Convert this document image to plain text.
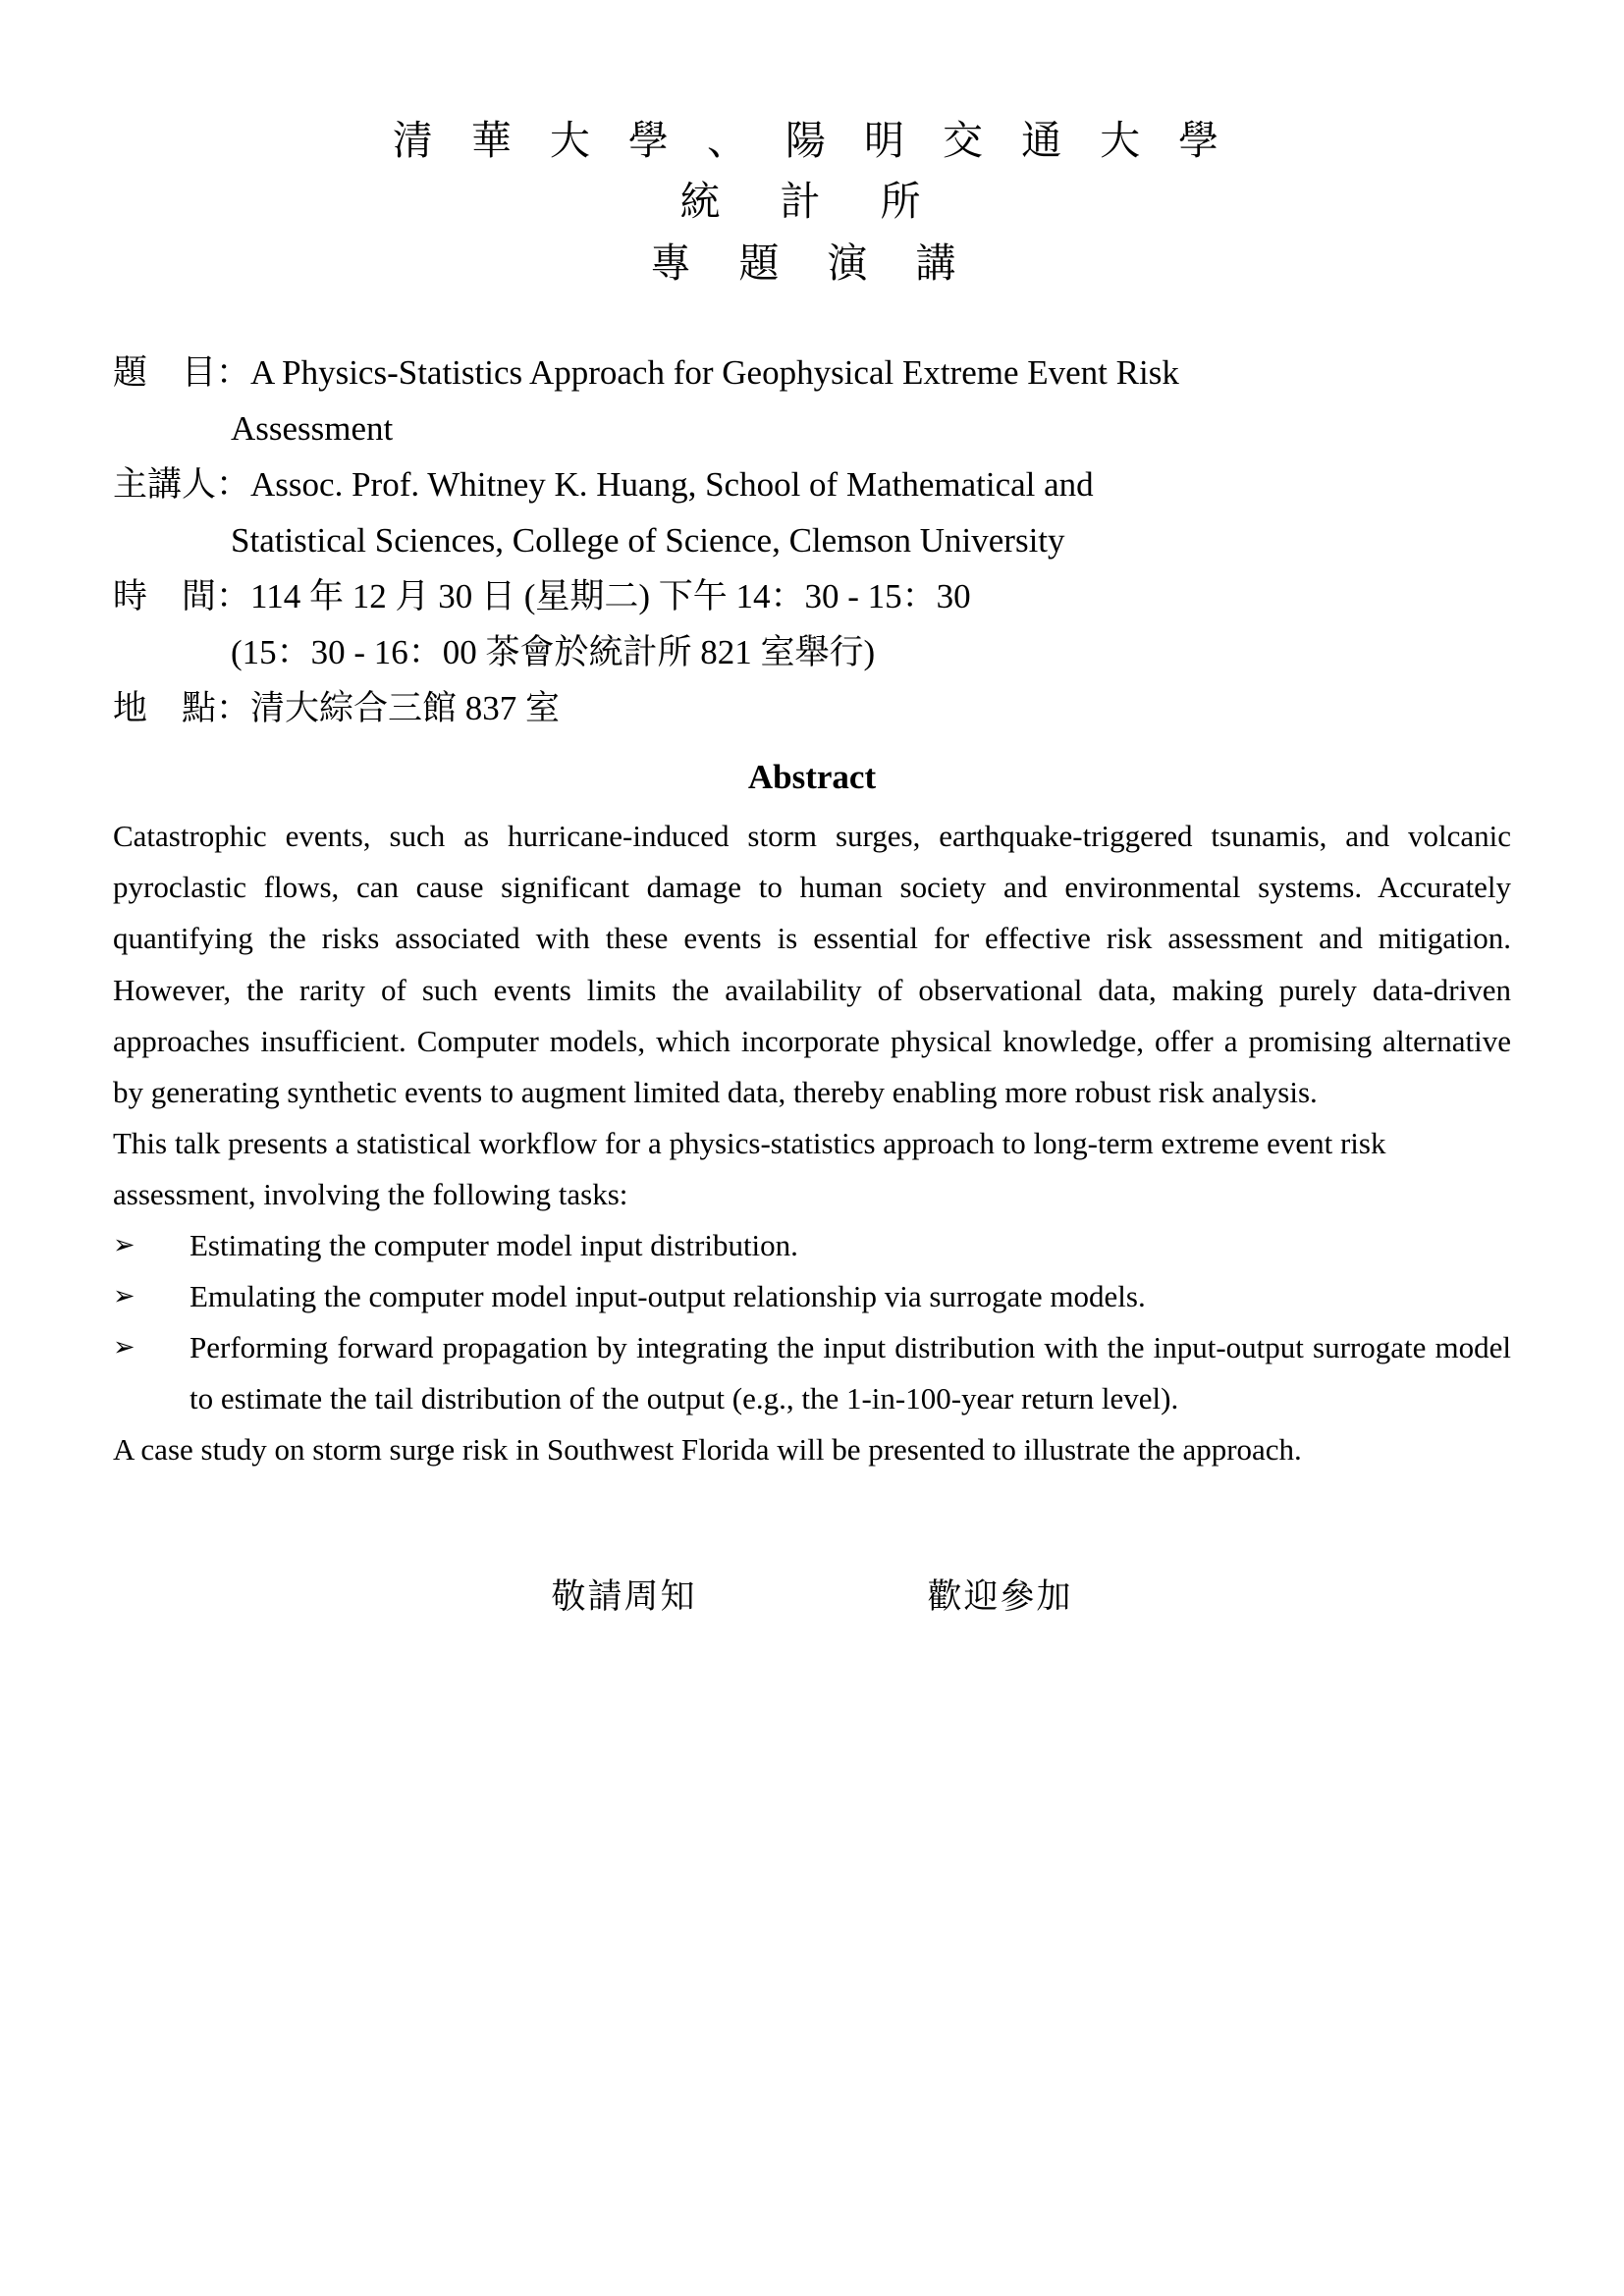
清 華 大 學 、 陽 明 交 通 大 學
統 計 所
專 題 演 講
題　目：A Physics-Statistics Approach for Geophysical Extreme Event Risk
Assessment
主講人：Assoc. Prof. Whitney K. Huang, School of Mathematical and
Statistical Sciences, College of Science, Clemson University
時　間：114 年 12 月 30 日 (星期二) 下午 14：30 - 15：30
(15：30 - 16：00 茶會於統計所 821 室舉行)
地　點：清大綜合三館 837 室
Abstract

Catastrophic events, such as hurricane-induced storm surges, earthquake-triggered tsunamis, and volcanic pyroclastic flows, can cause significant damage to human society and environmental systems. Accurately quantifying the risks associated with these events is essential for effective risk assessment and mitigation. However, the rarity of such events limits the availability of observational data, making purely data-driven approaches insufficient. Computer models, which incorporate physical knowledge, offer a promising alternative by generating synthetic events to augment limited data, thereby enabling more robust risk analysis.

This talk presents a statistical workflow for a physics-statistics approach to long-term extreme event risk assessment, involving the following tasks:

➢ Estimating the computer model input distribution.
➢ Emulating the computer model input-output relationship via surrogate models.
➢ Performing forward propagation by integrating the input distribution with the input-output surrogate model to estimate the tail distribution of the output (e.g., the 1-in-100-year return level).

A case study on storm surge risk in Southwest Florida will be presented to illustrate the approach.

敬請周知	歡迎參加
